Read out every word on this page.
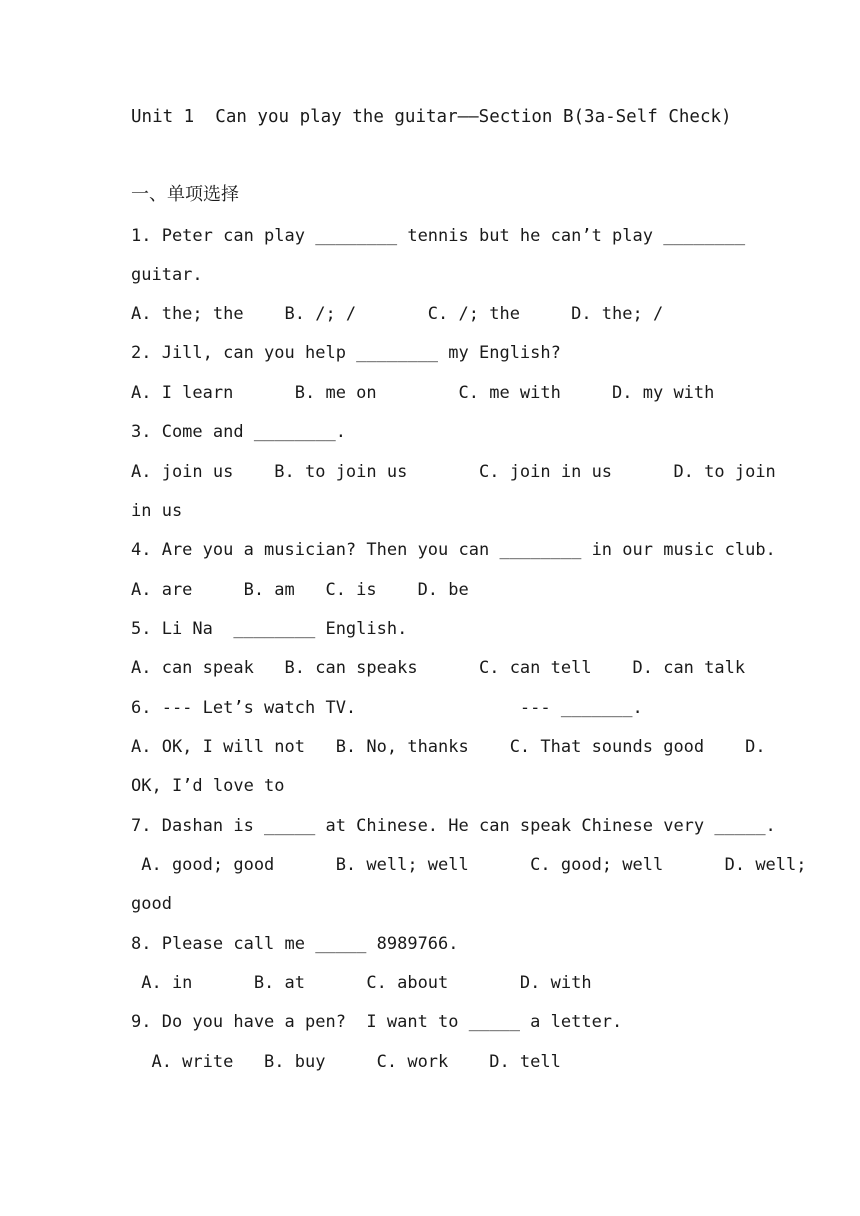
Unit 1  Can you play the guitar——Section B(3a-Self Check)
一、单项选择
1. Peter can play ________ tennis but he can’t play ________
guitar.
A. the; the    B. /; /       C. /; the     D. the; /
2. Jill, can you help ________ my English?
A. I learn      B. me on        C. me with     D. my with
3. Come and ________.
A. join us    B. to join us       C. join in us      D. to join
in us
4. Are you a musician? Then you can ________ in our music club.
A. are     B. am   C. is    D. be
5. Li Na  ________ English.
A. can speak   B. can speaks      C. can tell    D. can talk
6. --- Let’s watch TV.                --- _______.
A. OK, I will not   B. No, thanks    C. That sounds good    D.
OK, I’d love to
7. Dashan is _____ at Chinese. He can speak Chinese very _____.
A. good; good      B. well; well      C. good; well      D. well;
good
8. Please call me _____ 8989766.
A. in      B. at      C. about       D. with
9. Do you have a pen?  I want to _____ a letter.
A. write   B. buy     C. work    D. tell
